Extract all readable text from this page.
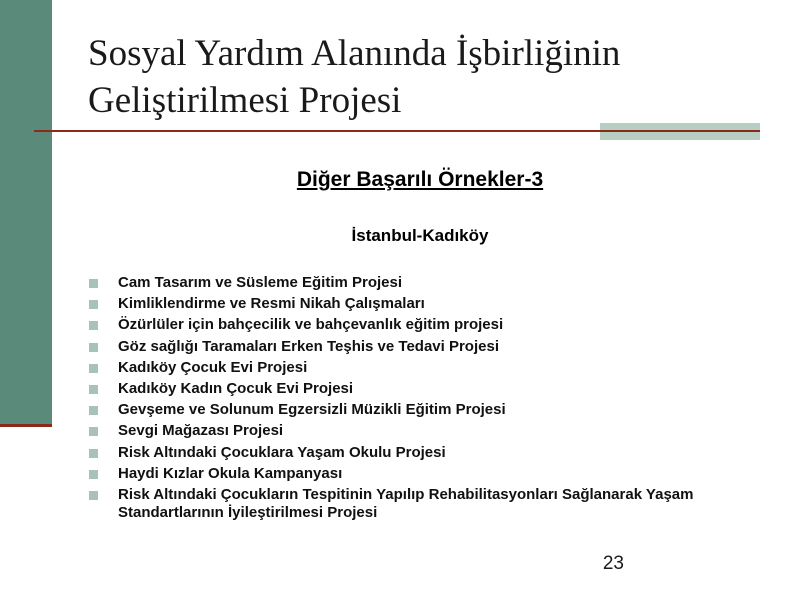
Sosyal Yardım Alanında İşbirliğinin
Geliştirilmesi Projesi
Diğer Başarılı Örnekler-3

İstanbul-Kadıköy

Cam Tasarım ve Süsleme Eğitim Projesi
Kimliklendirme ve Resmi Nikah Çalışmaları
Özürlüler için bahçecilik ve bahçevanlık eğitim projesi
Göz sağlığı Taramaları Erken Teşhis ve Tedavi Projesi
Kadıköy Çocuk Evi Projesi
Kadıköy Kadın Çocuk Evi Projesi
Gevşeme ve Solunum Egzersizli Müzikli Eğitim Projesi
Sevgi Mağazası Projesi
Risk Altındaki Çocuklara Yaşam Okulu Projesi
Haydi Kızlar Okula Kampanyası
Risk Altındaki Çocukların Tespitinin Yapılıp Rehabilitasyonları Sağlanarak Yaşam Standartlarının İyileştirilmesi Projesi
23
